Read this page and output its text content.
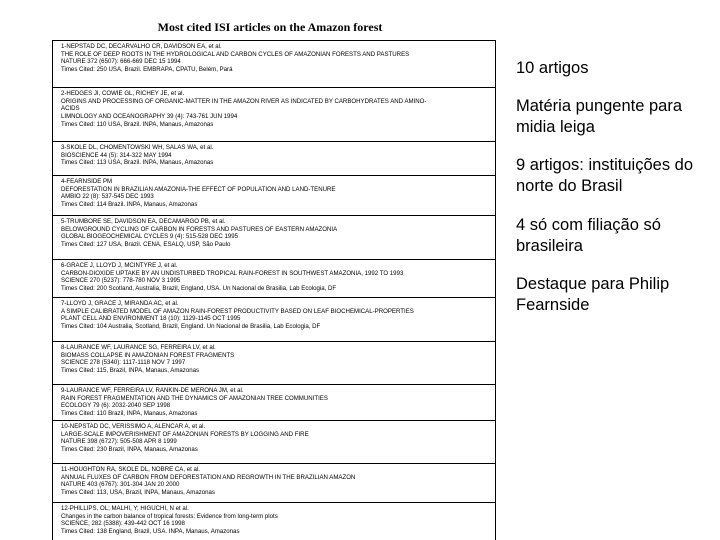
Most cited ISI articles on the Amazon forest
1-NEPSTAD DC, DECARVALHO CR, DAVIDSON EA, et al.
THE ROLE OF DEEP ROOTS IN THE HYDROLOGICAL AND CARBON CYCLES OF AMAZONIAN FORESTS AND PASTURES
NATURE 372 (6507): 666-669 DEC 15 1994
Times Cited: 250 USA, Brazil. EMBRAPA, CPATU, Belém, Pará
2-HEDGES JI, COWIE GL, RICHEY JE, et al.
ORIGINS AND PROCESSING OF ORGANIC-MATTER IN THE AMAZON RIVER AS INDICATED BY CARBOHYDRATES AND AMINO-
ACIDS
LIMNOLOGY AND OCEANOGRAPHY 39 (4): 743-761 JUN 1994
Times Cited: 110 USA, Brazil. INPA, Manaus, Amazonas
3-SKOLE DL, CHOMENTOWSKI WH, SALAS WA, et al.
BIOSCIENCE 44 (5): 314-322 MAY 1994
Times Cited: 113 USA, Brazil. INPA, Manaus, Amazonas
4-FEARNSIDE PM
DEFORESTATION IN BRAZILIAN AMAZONIA-THE EFFECT OF POPULATION AND LAND-TENURE
AMBIO 22 (8): 537-545 DEC 1993
Times Cited: 114 Brazil. INPA, Manaus, Amazonas
5-TRUMBORE SE, DAVIDSON EA, DECAMARGO PB, et al.
BELOWGROUND CYCLING OF CARBON IN FORESTS AND PASTURES OF EASTERN AMAZONIA
GLOBAL BIOGEOCHEMICAL CYCLES 9 (4): 515-528 DEC 1995
Times Cited: 127 USA, Brazil. CENA, ESALQ, USP, São Paulo
6-GRACE J, LLOYD J, MCINTYRE J, et al.
CARBON-DIOXIDE UPTAKE BY AN UNDISTURBED TROPICAL RAIN-FOREST IN SOUTHWEST AMAZONIA, 1992 TO 1993
SCIENCE 270 (5237): 778-780 NOV 3 1995
Times Cited: 200 Scotland, Australia, Brazil, England, USA. Un Nacional de Brasilia, Lab Ecologia, DF
7-LLOYD J, GRACE J, MIRANDA AC, et al.
A SIMPLE CALIBRATED MODEL OF AMAZON RAIN-FOREST PRODUCTIVITY BASED ON LEAF BIOCHEMICAL-PROPERTIES
PLANT CELL AND ENVIRONMENT 18 (10): 1129-1145 OCT 1995
Times Cited: 104 Australia, Scotland, Brazil, England. Un Nacional de Brasilia, Lab Ecologia, DF
8-LAURANCE WF, LAURANCE SG, FERREIRA LV, et al.
BIOMASS COLLAPSE IN AMAZONIAN FOREST FRAGMENTS
SCIENCE 278 (5340): 1117-1118 NOV 7 1997
Times Cited: 115, Brazil, INPA, Manaus, Amazonas
9-LAURANCE WF, FERREIRA LV, RANKIN-DE MERONA JM, et al.
RAIN FOREST FRAGMENTATION AND THE DYNAMICS OF AMAZONIAN TREE COMMUNITIES
ECOLOGY 79 (6): 2032-2040 SEP 1998
Times Cited: 110 Brazil, INPA, Manaus, Amazonas
10-NEPSTAD DC, VERISSIMO A, ALENCAR A, et al.
LARGE-SCALE IMPOVERISHMENT OF AMAZONIAN FORESTS BY LOGGING AND FIRE
NATURE 398 (6727): 505-508 APR 8 1999
Times Cited: 230 Brazil, INPA, Manaus, Amazonas
11-HOUGHTON RA, SKOLE DL, NOBRE CA, et al.
ANNUAL FLUXES OF CARBON FROM DEFORESTATION AND REGROWTH IN THE BRAZILIAN AMAZON
NATURE 403 (6767): 301-304 JAN 20 2000
Times Cited: 113, USA, Brazil, INPA, Manaus, Amazonas
12-PHILLIPS, OL; MALHI, Y; HIGUCHI, N et al.
Changes in the carbon balance of tropical forests: Evidence from long-term plots
SCIENCE, 282 (5388): 439-442 OCT 16 1998
Times Cited: 138 England, Brazil, USA. INPA, Manaus, Amazonas
10 artigos
Matéria pungente para midia leiga
9 artigos: instituições do norte do Brasil
4 só com filiação só brasileira
Destaque para Philip Fearnside
